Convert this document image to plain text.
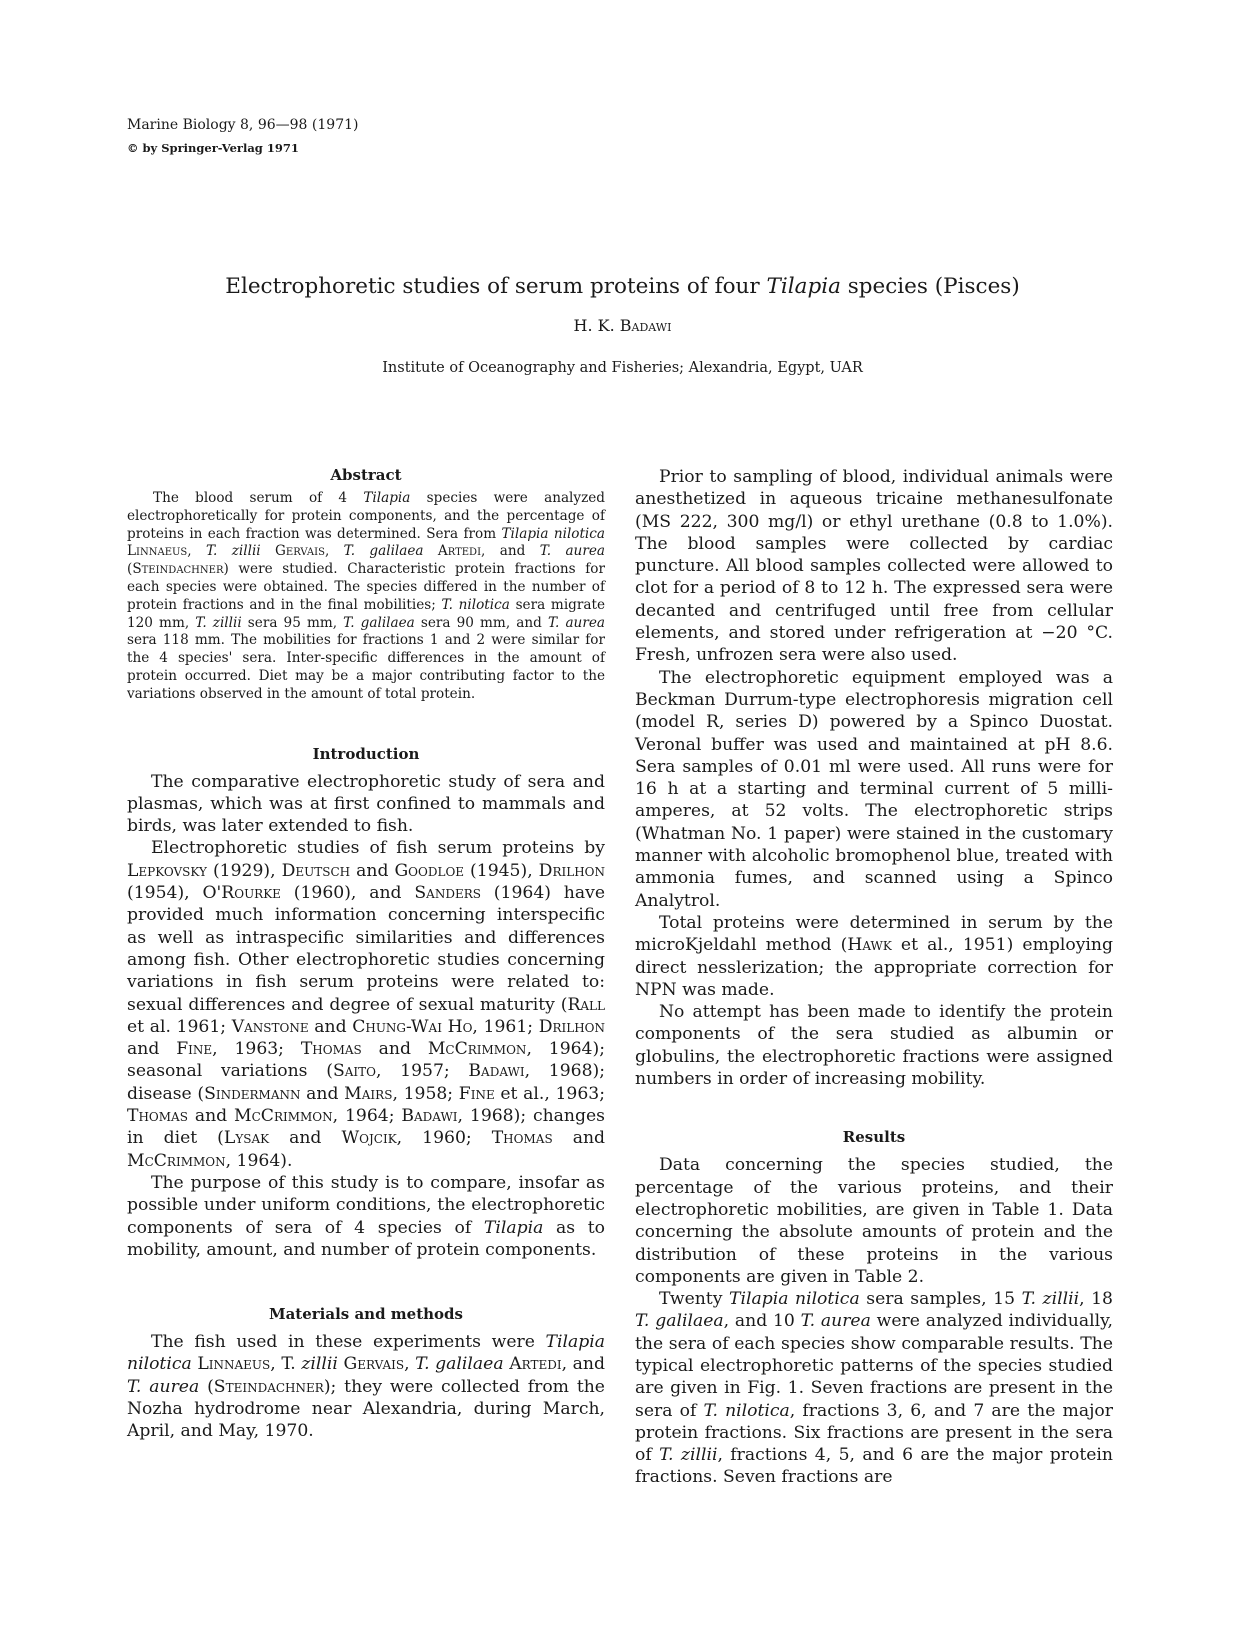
Marine Biology 8, 96—98 (1971)
© by Springer-Verlag 1971
Electrophoretic studies of serum proteins of four Tilapia species (Pisces)
H. K. Badawi
Institute of Oceanography and Fisheries; Alexandria, Egypt, UAR
Abstract

The blood serum of 4 Tilapia species were analyzed electrophoretically for protein components, and the percentage of proteins in each fraction was determined. Sera from Tilapia nilotica Linnaeus, T. zillii Gervais, T. galilaea Artedi, and T. aurea (Steindachner) were studied. Characteristic protein fractions for each species were obtained. The species differed in the number of protein fractions and in the final mobilities; T. nilotica sera migrate 120 mm, T. zillii sera 95 mm, T. galilaea sera 90 mm, and T. aurea sera 118 mm. The mobilities for fractions 1 and 2 were similar for the 4 species' sera. Inter-specific differences in the amount of protein occurred. Diet may be a major contributing factor to the variations observed in the amount of total protein.

Introduction

The comparative electrophoretic study of sera and plasmas, which was at first confined to mammals and birds, was later extended to fish.

Electrophoretic studies of fish serum proteins by Lepkovsky (1929), Deutsch and Goodloe (1945), Drilhon (1954), O'Rourke (1960), and Sanders (1964) have provided much information concerning interspecific as well as intraspecific similarities and differences among fish. Other electrophoretic studies concerning variations in fish serum proteins were related to: sexual differences and degree of sexual maturity (Rall et al. 1961; Vanstone and Chung-Wai Ho, 1961; Drilhon and Fine, 1963; Thomas and McCrimmon, 1964); seasonal variations (Saito, 1957; Badawi, 1968); disease (Sindermann and Mairs, 1958; Fine et al., 1963; Thomas and McCrimmon, 1964; Badawi, 1968); changes in diet (Lysak and Wojcik, 1960; Thomas and McCrimmon, 1964).

The purpose of this study is to compare, insofar as possible under uniform conditions, the electrophoretic components of sera of 4 species of Tilapia as to mobility, amount, and number of protein components.

Materials and methods

The fish used in these experiments were Tilapia nilotica Linnaeus, T. zillii Gervais, T. galilaea Artedi, and T. aurea (Steindachner); they were collected from the Nozha hydrodrome near Alexandria, during March, April, and May, 1970.

Prior to sampling of blood, individual animals were anesthetized in aqueous tricaine methanesulfonate (MS 222, 300 mg/l) or ethyl urethane (0.8 to 1.0%). The blood samples were collected by cardiac puncture. All blood samples collected were allowed to clot for a period of 8 to 12 h. The expressed sera were decanted and centrifuged until free from cellular elements, and stored under refrigeration at −20 °C. Fresh, unfrozen sera were also used.

The electrophoretic equipment employed was a Beckman Durrum-type electrophoresis migration cell (model R, series D) powered by a Spinco Duostat. Veronal buffer was used and maintained at pH 8.6. Sera samples of 0.01 ml were used. All runs were for 16 h at a starting and terminal current of 5 milli-amperes, at 52 volts. The electrophoretic strips (Whatman No. 1 paper) were stained in the customary manner with alcoholic bromophenol blue, treated with ammonia fumes, and scanned using a Spinco Analytrol.

Total proteins were determined in serum by the microKjeldahl method (Hawk et al., 1951) employing direct nesslerization; the appropriate correction for NPN was made.

No attempt has been made to identify the protein components of the sera studied as albumin or globulins, the electrophoretic fractions were assigned numbers in order of increasing mobility.

Results

Data concerning the species studied, the percentage of the various proteins, and their electrophoretic mobilities, are given in Table 1. Data concerning the absolute amounts of protein and the distribution of these proteins in the various components are given in Table 2.

Twenty Tilapia nilotica sera samples, 15 T. zillii, 18 T. galilaea, and 10 T. aurea were analyzed individually, the sera of each species show comparable results. The typical electrophoretic patterns of the species studied are given in Fig. 1. Seven fractions are present in the sera of T. nilotica, fractions 3, 6, and 7 are the major protein fractions. Six fractions are present in the sera of T. zillii, fractions 4, 5, and 6 are the major protein fractions. Seven fractions are
